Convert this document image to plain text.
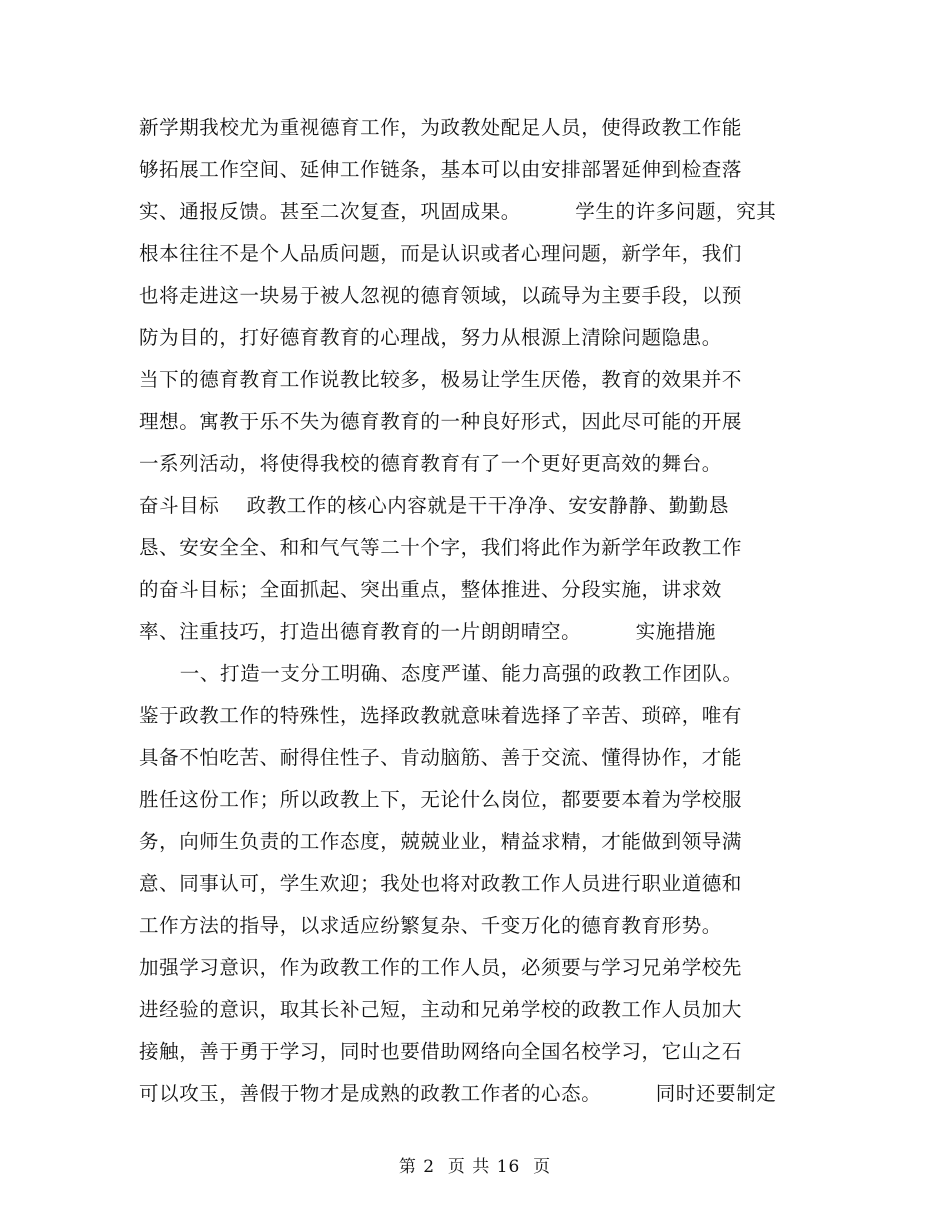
新学期我校尤为重视德育工作，为政教处配足人员，使得政教工作能
够拓展工作空间、延伸工作链条，基本可以由安排部署延伸到检查落
实、通报反馈。甚至二次复查，巩固成果。        学生的许多问题，究其
根本往往不是个人品质问题，而是认识或者心理问题，新学年，我们
也将走进这一块易于被人忽视的德育领域，以疏导为主要手段，以预
防为目的，打好德育教育的心理战，努力从根源上清除问题隐患。
当下的德育教育工作说教比较多，极易让学生厌倦，教育的效果并不
理想。寓教于乐不失为德育教育的一种良好形式，因此尽可能的开展
一系列活动，将使得我校的德育教育有了一个更好更高效的舞台。
奋斗目标    政教工作的核心内容就是干干净净、安安静静、勤勤恳
恳、安安全全、和和气气等二十个字，我们将此作为新学年政教工作
的奋斗目标；全面抓起、突出重点，整体推进、分段实施，讲求效
率、注重技巧，打造出德育教育的一片朗朗晴空。        实施措施
一、打造一支分工明确、态度严谨、能力高强的政教工作团队。
鉴于政教工作的特殊性，选择政教就意味着选择了辛苦、琐碎，唯有
具备不怕吃苦、耐得住性子、肯动脑筋、善于交流、懂得协作，才能
胜任这份工作；所以政教上下，无论什么岗位，都要要本着为学校服
务，向师生负责的工作态度，兢兢业业，精益求精，才能做到领导满
意、同事认可，学生欢迎；我处也将对政教工作人员进行职业道德和
工作方法的指导，以求适应纷繁复杂、千变万化的德育教育形势。
加强学习意识，作为政教工作的工作人员，必须要与学习兄弟学校先
进经验的意识，取其长补己短，主动和兄弟学校的政教工作人员加大
接触，善于勇于学习，同时也要借助网络向全国名校学习，它山之石
可以攻玉，善假于物才是成熟的政教工作者的心态。        同时还要制定
第 2  页 共 16  页
